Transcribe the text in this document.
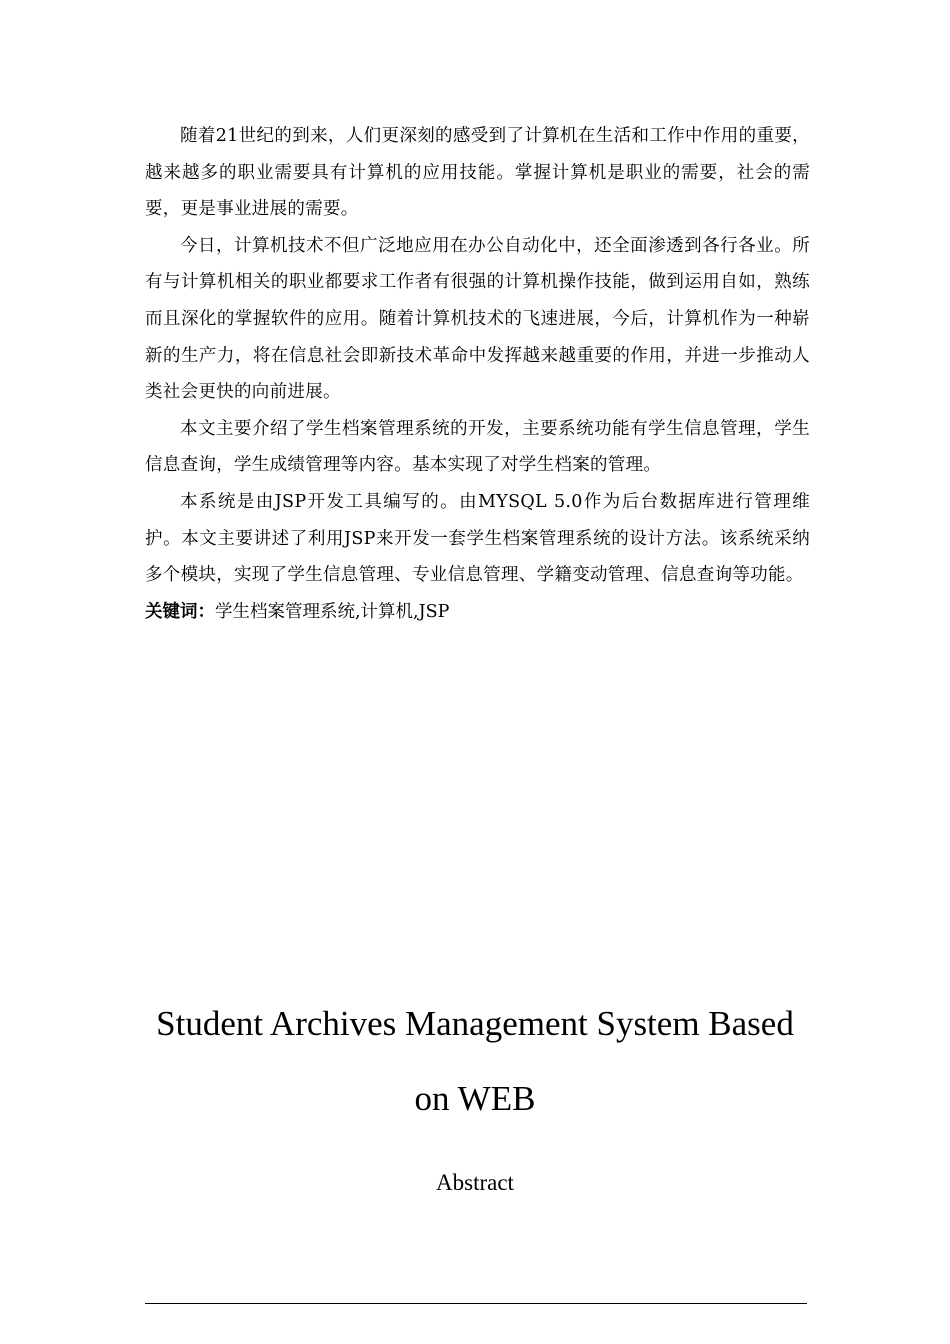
随着21世纪的到来，人们更深刻的感受到了计算机在生活和工作中作用的重要，越来越多的职业需要具有计算机的应用技能。掌握计算机是职业的需要，社会的需要，更是事业进展的需要。

今日，计算机技术不但广泛地应用在办公自动化中，还全面渗透到各行各业。所有与计算机相关的职业都要求工作者有很强的计算机操作技能，做到运用自如，熟练而且深化的掌握软件的应用。随着计算机技术的飞速进展，今后，计算机作为一种崭新的生产力，将在信息社会即新技术革命中发挥越来越重要的作用，并进一步推动人类社会更快的向前进展。

本文主要介绍了学生档案管理系统的开发，主要系统功能有学生信息管理，学生信息查询，学生成绩管理等内容。基本实现了对学生档案的管理。

本系统是由JSP开发工具编写的。由MYSQL 5.0作为后台数据库进行管理维护。本文主要讲述了利用JSP来开发一套学生档案管理系统的设计方法。该系统采纳多个模块，实现了学生信息管理、专业信息管理、学籍变动管理、信息查询等功能。

关键词：学生档案管理系统,计算机,JSP

Student Archives Management System Based
on WEB
Abstract
